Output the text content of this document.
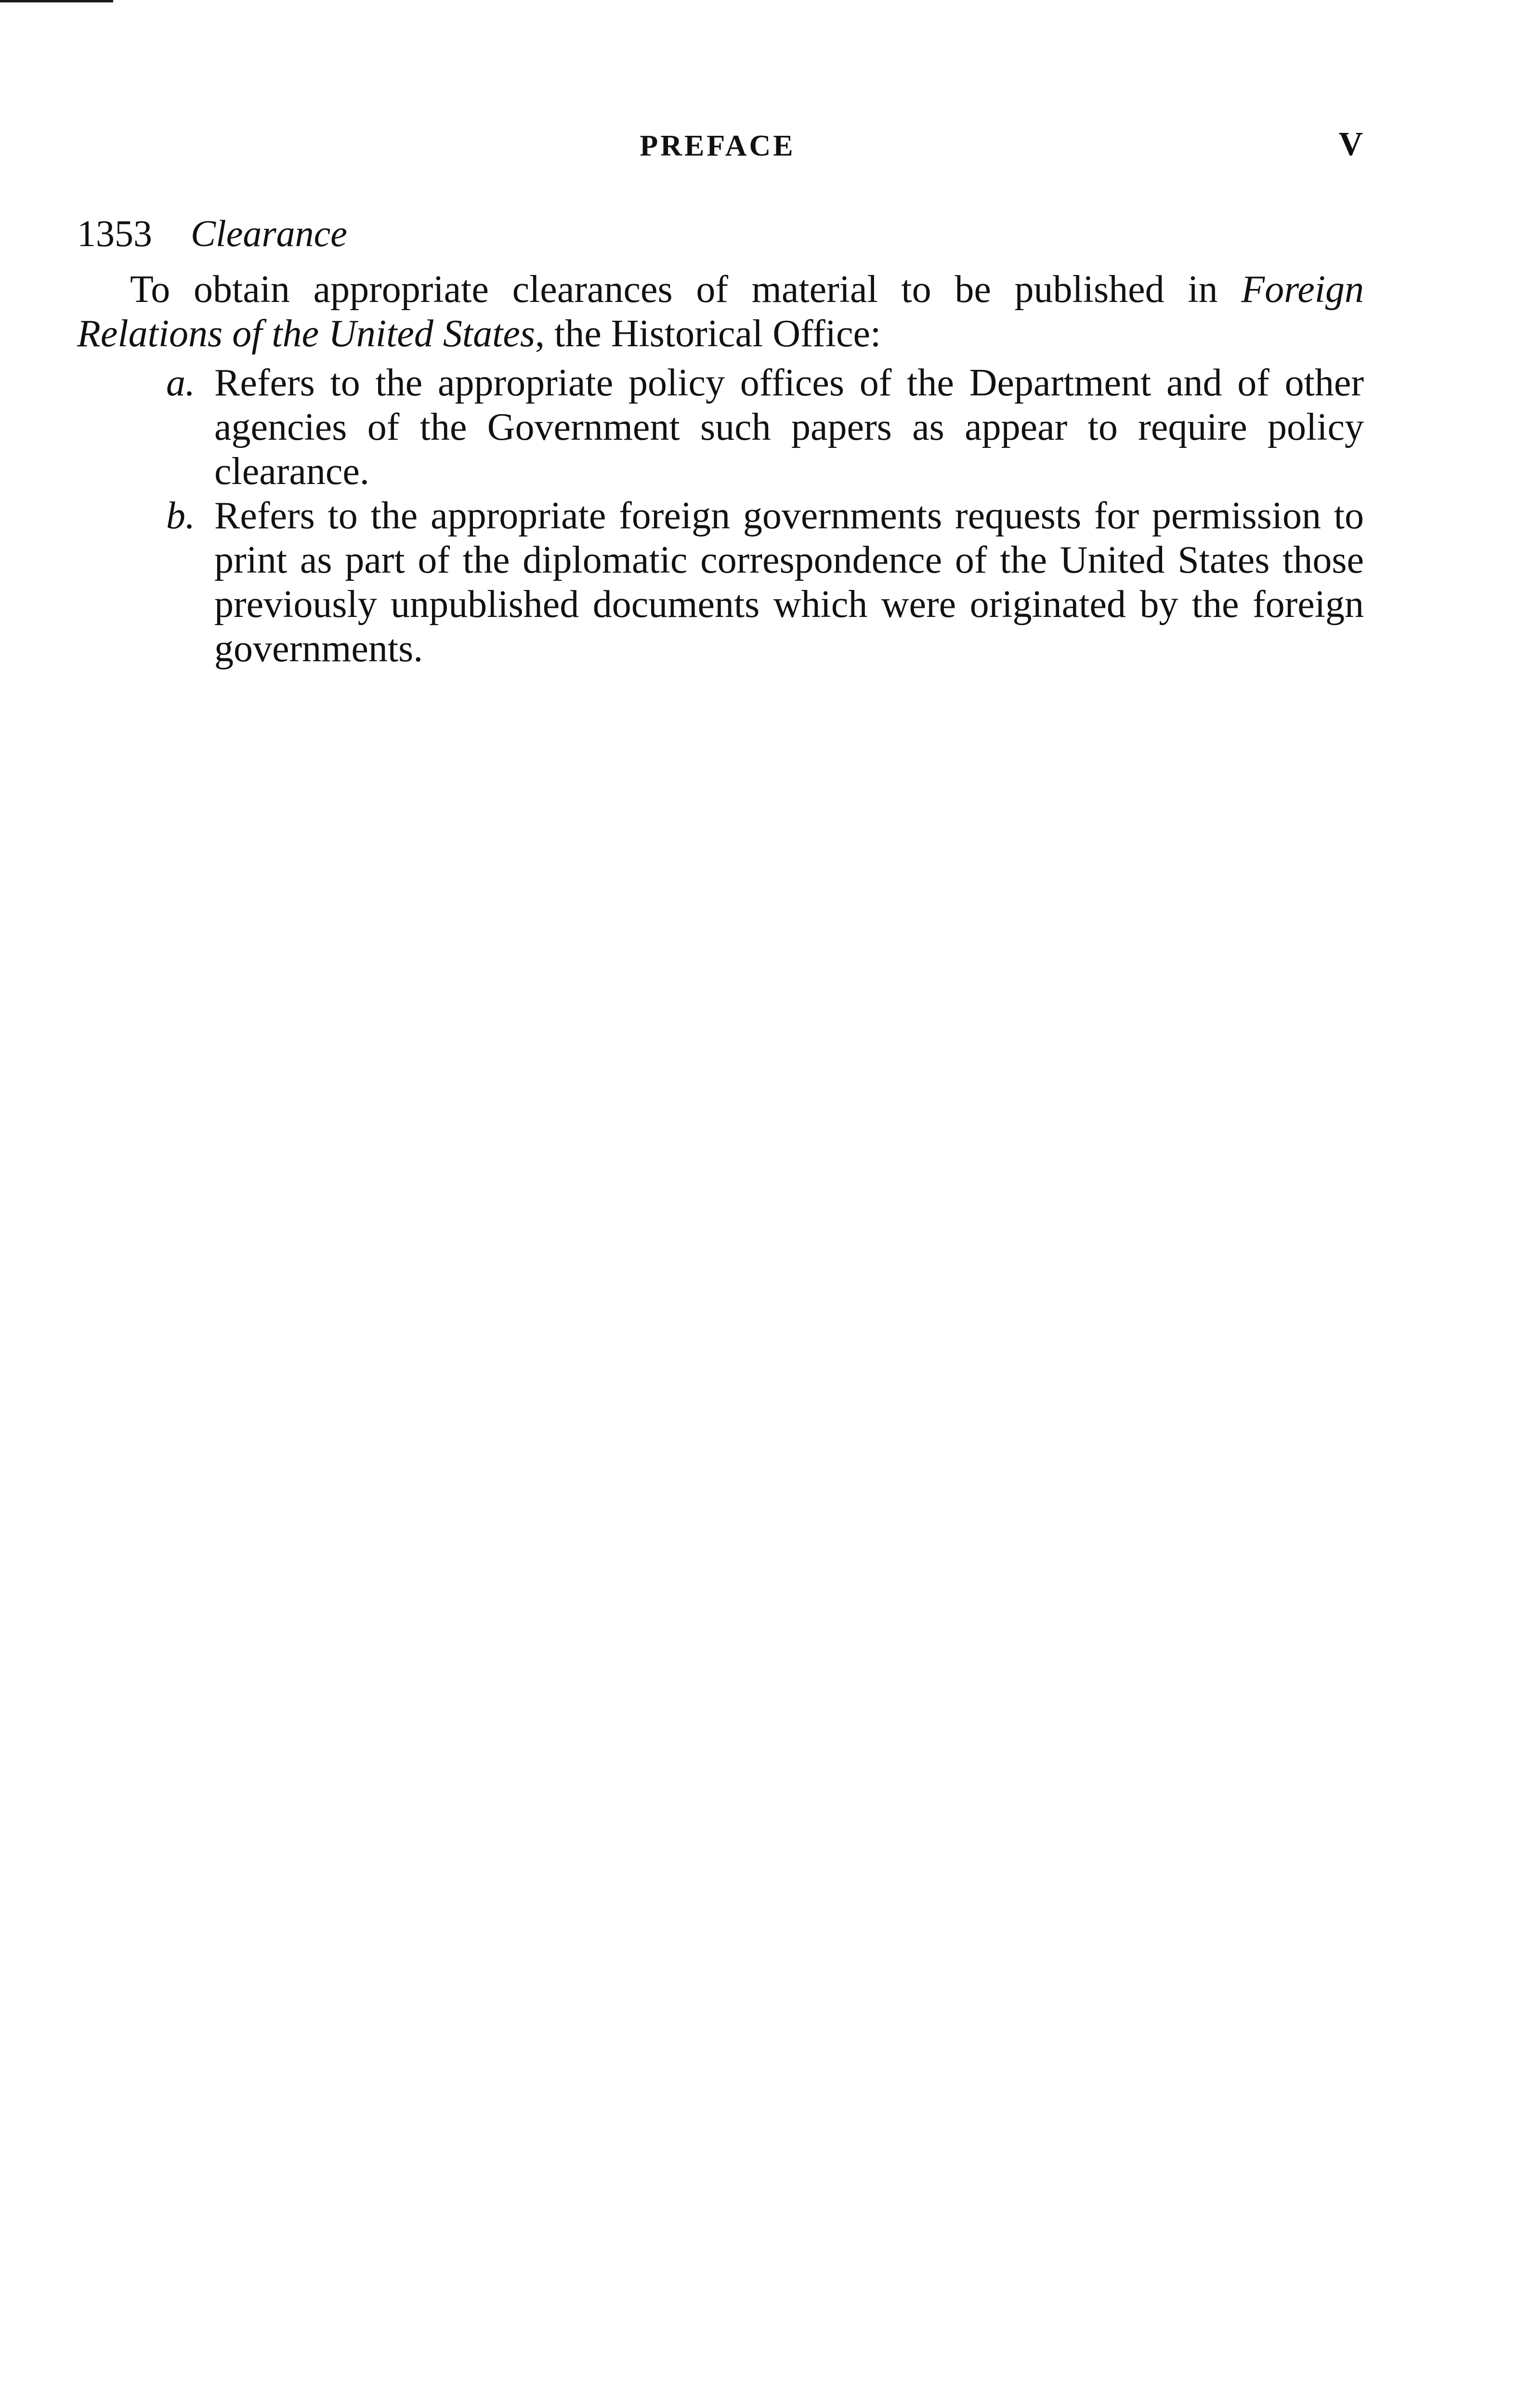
PREFACE	V
1353 Clearance

To obtain appropriate clearances of material to be published in Foreign Relations of the United States, the Historical Office:

a. Refers to the appropriate policy offices of the Department and of other agencies of the Government such papers as appear to require policy clearance.
b. Refers to the appropriate foreign governments requests for permission to print as part of the diplomatic correspondence of the United States those previously unpublished documents which were originated by the foreign governments.
